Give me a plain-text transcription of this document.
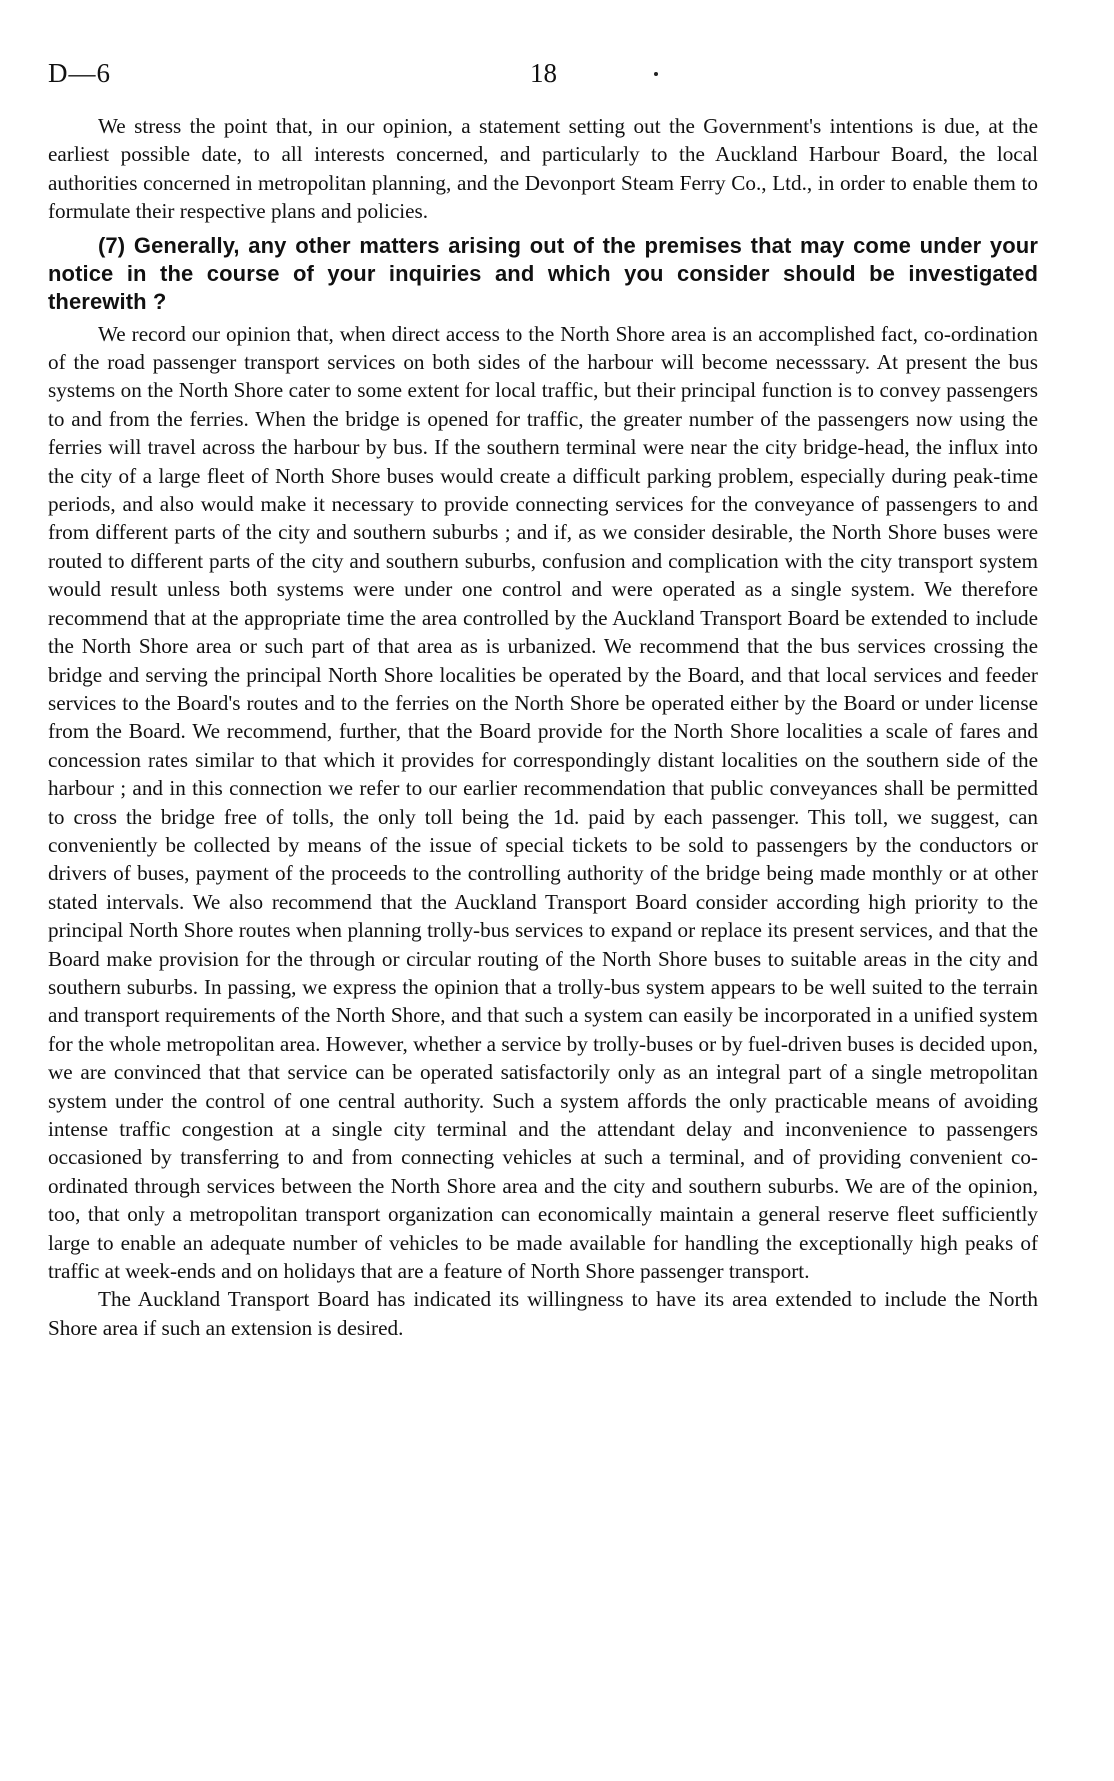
D—6	18

We stress the point that, in our opinion, a statement setting out the Government's intentions is due, at the earliest possible date, to all interests concerned, and particularly to the Auckland Harbour Board, the local authorities concerned in metropolitan planning, and the Devonport Steam Ferry Co., Ltd., in order to enable them to formulate their respective plans and policies.

(7) Generally, any other matters arising out of the premises that may come under your notice in the course of your inquiries and which you consider should be investigated therewith ?

We record our opinion that, when direct access to the North Shore area is an accomplished fact, co-ordination of the road passenger transport services on both sides of the harbour will become necesssary. At present the bus systems on the North Shore cater to some extent for local traffic, but their principal function is to convey passengers to and from the ferries. When the bridge is opened for traffic, the greater number of the passengers now using the ferries will travel across the harbour by bus. If the southern terminal were near the city bridge-head, the influx into the city of a large fleet of North Shore buses would create a difficult parking problem, especially during peak-time periods, and also would make it necessary to provide connecting services for the conveyance of passengers to and from different parts of the city and southern suburbs ; and if, as we consider desirable, the North Shore buses were routed to different parts of the city and southern suburbs, confusion and complication with the city transport system would result unless both systems were under one control and were operated as a single system. We therefore recommend that at the appropriate time the area controlled by the Auckland Transport Board be extended to include the North Shore area or such part of that area as is urbanized. We recommend that the bus services crossing the bridge and serving the principal North Shore localities be operated by the Board, and that local services and feeder services to the Board's routes and to the ferries on the North Shore be operated either by the Board or under license from the Board. We recommend, further, that the Board provide for the North Shore localities a scale of fares and concession rates similar to that which it provides for correspondingly distant localities on the southern side of the harbour ; and in this connection we refer to our earlier recommendation that public conveyances shall be permitted to cross the bridge free of tolls, the only toll being the 1d. paid by each passenger. This toll, we suggest, can conveniently be collected by means of the issue of special tickets to be sold to passengers by the conductors or drivers of buses, payment of the proceeds to the controlling authority of the bridge being made monthly or at other stated intervals. We also recommend that the Auckland Transport Board consider according high priority to the principal North Shore routes when planning trolly-bus services to expand or replace its present services, and that the Board make provision for the through or circular routing of the North Shore buses to suitable areas in the city and southern suburbs. In passing, we express the opinion that a trolly-bus system appears to be well suited to the terrain and transport requirements of the North Shore, and that such a system can easily be incorporated in a unified system for the whole metropolitan area. However, whether a service by trolly-buses or by fuel-driven buses is decided upon, we are convinced that that service can be operated satisfactorily only as an integral part of a single metropolitan system under the control of one central authority. Such a system affords the only practicable means of avoiding intense traffic congestion at a single city terminal and the attendant delay and inconvenience to passengers occasioned by transferring to and from connecting vehicles at such a terminal, and of providing convenient co-ordinated through services between the North Shore area and the city and southern suburbs. We are of the opinion, too, that only a metropolitan transport organization can economically maintain a general reserve fleet sufficiently large to enable an adequate number of vehicles to be made available for handling the exceptionally high peaks of traffic at week-ends and on holidays that are a feature of North Shore passenger transport.

The Auckland Transport Board has indicated its willingness to have its area extended to include the North Shore area if such an extension is desired.
